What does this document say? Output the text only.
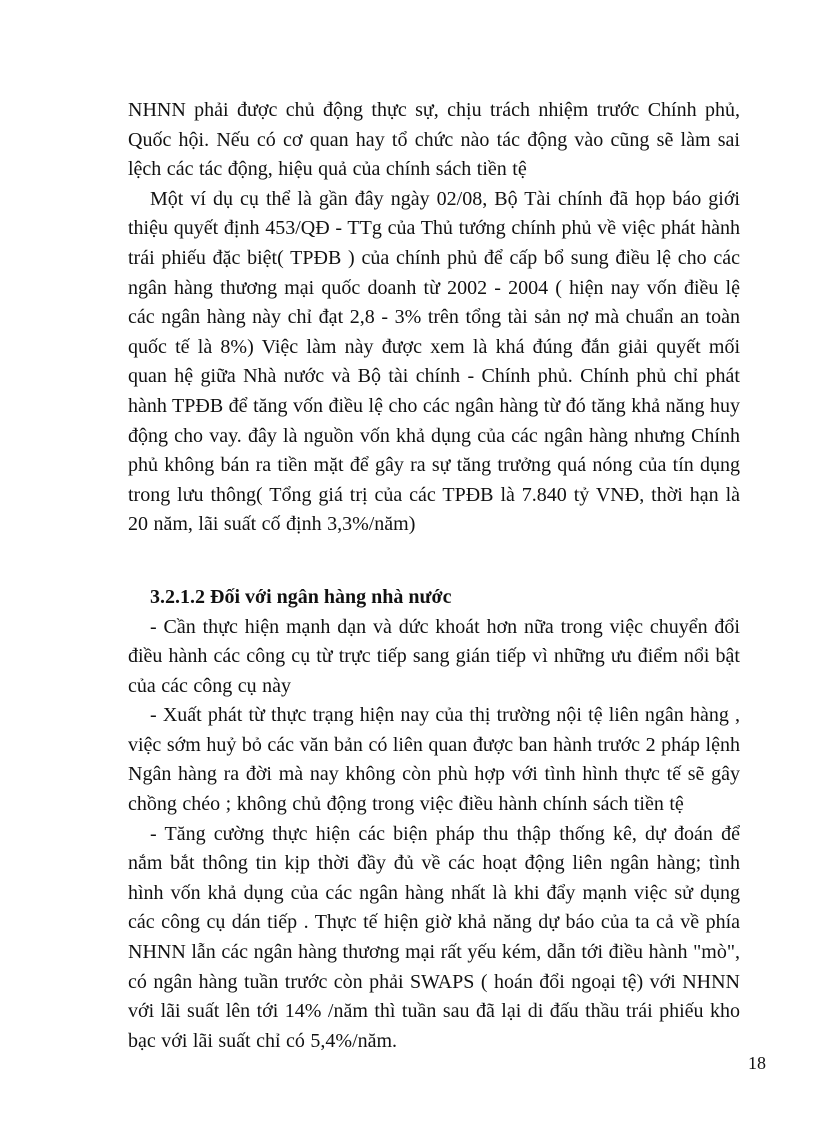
NHNN phải được chủ động thực sự, chịu trách nhiệm trước Chính phủ, Quốc hội. Nếu có cơ quan hay tổ chức nào tác động vào cũng sẽ làm sai lệch các tác động, hiệu quả của chính sách tiền tệ

Một ví dụ cụ thể là gần đây ngày 02/08, Bộ Tài chính đã họp báo giới thiệu quyết định 453/QĐ - TTg của Thủ tướng chính phủ về việc phát hành trái phiếu đặc biệt( TPĐB ) của chính phủ để cấp bổ sung điều lệ cho các ngân hàng thương mại quốc doanh từ 2002 - 2004 ( hiện nay vốn điều lệ các ngân hàng này chỉ đạt 2,8 - 3% trên tổng tài sản nợ mà chuẩn an toàn quốc tế là 8%) Việc làm này được xem là khá đúng đắn giải quyết mối quan hệ giữa Nhà nước và Bộ tài chính - Chính phủ. Chính phủ chỉ phát hành TPĐB để tăng vốn điều lệ cho các ngân hàng từ đó tăng khả năng huy động cho vay. đây là nguồn vốn khả dụng của các ngân hàng nhưng Chính phủ không bán ra tiền mặt để gây ra sự tăng trưởng quá nóng của tín dụng trong lưu thông( Tổng giá trị của các TPĐB là 7.840 tỷ VNĐ, thời hạn là 20 năm, lãi suất cố định 3,3%/năm)

3.2.1.2 Đối với ngân hàng nhà nước

- Cần thực hiện mạnh dạn và dức khoát hơn nữa trong việc chuyển đổi điều hành các công cụ từ trực tiếp sang gián tiếp vì những ưu điểm nổi bật của các công cụ này

- Xuất phát từ thực trạng hiện nay của thị trường nội tệ liên ngân hàng , việc sớm huỷ bỏ các văn bản có liên quan được ban hành trước 2 pháp lệnh Ngân hàng ra đời mà nay không còn phù hợp với tình hình thực tế sẽ gây chồng chéo ; không chủ động trong việc điều hành chính sách tiền tệ

- Tăng cường thực hiện các biện pháp thu thập thống kê, dự đoán để nắm bắt thông tin kịp thời đầy đủ về các hoạt động liên ngân hàng; tình hình vốn khả dụng của các ngân hàng nhất là khi đẩy mạnh việc sử dụng các công cụ dán tiếp . Thực tế hiện giờ khả năng dự báo của ta cả về phía NHNN lẫn các ngân hàng thương mại rất yếu kém, dẫn tới điều hành "mò", có ngân hàng tuần trước còn phải SWAPS ( hoán đổi ngoại tệ) với NHNN với lãi suất lên tới 14% /năm thì tuần sau đã lại di đấu thầu trái phiếu kho bạc với lãi suất chỉ có 5,4%/năm.

18
